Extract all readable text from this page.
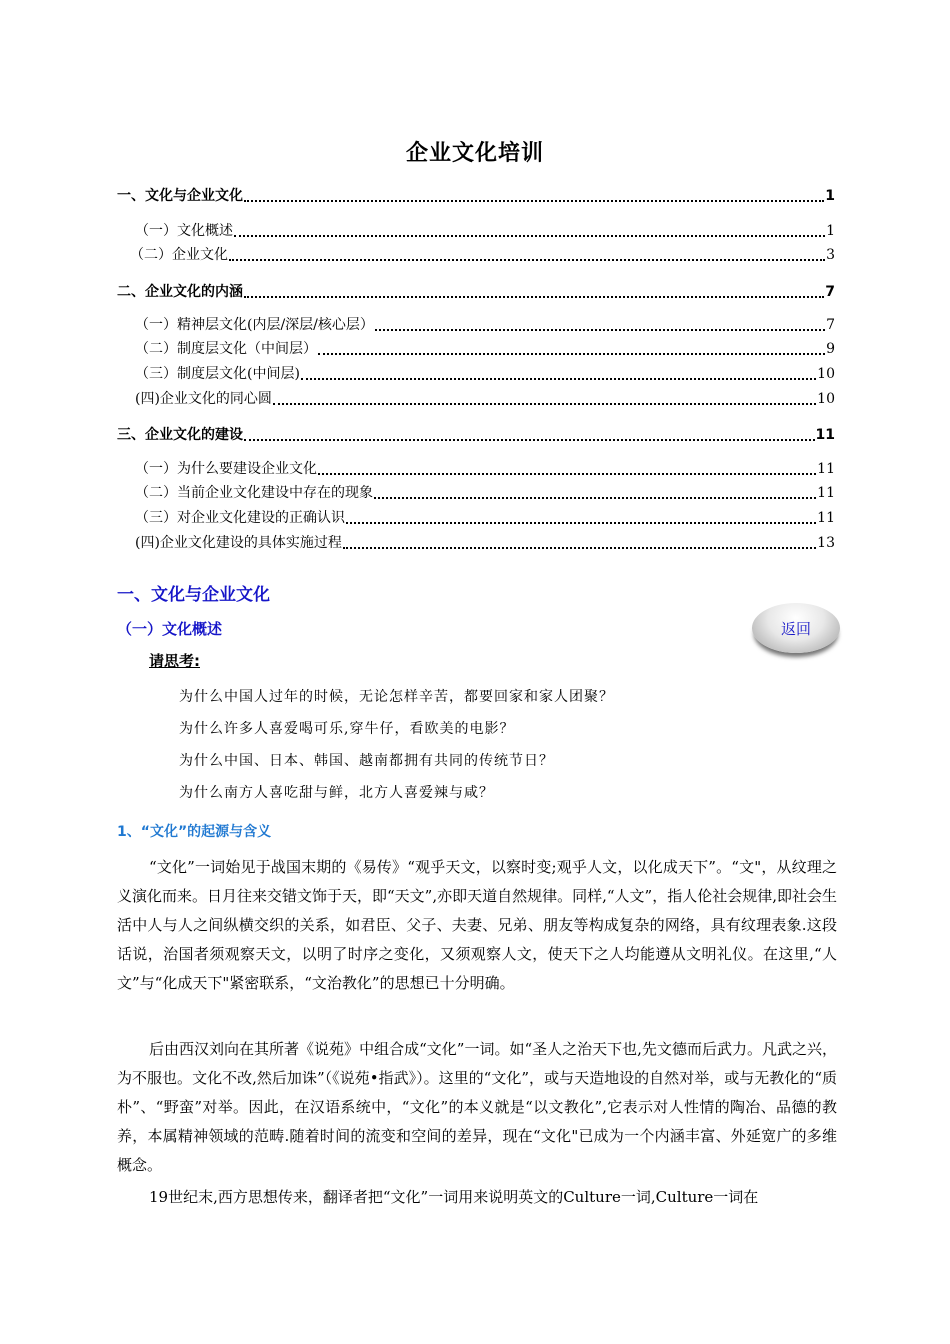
企业文化培训
一、文化与企业文化	1
（一）文化概述	1
（二）企业文化	3
二、企业文化的内涵	7
（一）精神层文化(内层/深层/核心层）	7
（二）制度层文化（中间层）	9
（三）制度层文化(中间层)	10
(四)企业文化的同心圆	10
三、企业文化的建设	11
（一）为什么要建设企业文化	11
（二）当前企业文化建设中存在的现象	11
（三）对企业文化建设的正确认识	11
(四)企业文化建设的具体实施过程	13
一、文化与企业文化
（一）文化概述	返回
请思考:
为什么中国人过年的时候，无论怎样辛苦，都要回家和家人团聚？
为什么许多人喜爱喝可乐,穿牛仔，看欧美的电影？
为什么中国、日本、韩国、越南都拥有共同的传统节日？
为什么南方人喜吃甜与鲜，北方人喜爱辣与咸？
1、“文化”的起源与含义

“文化”一词始见于战国末期的《易传》“观乎天文，以察时变;观乎人文，以化成天下”。“文"，从纹理之义演化而来。日月往来交错文饰于天，即“天文”,亦即天道自然规律。同样,“人文”，指人伦社会规律,即社会生活中人与人之间纵横交织的关系，如君臣、父子、夫妻、兄弟、朋友等构成复杂的网络，具有纹理表象.这段话说，治国者须观察天文，以明了时序之变化，又须观察人文，使天下之人均能遵从文明礼仪。在这里,“人文”与“化成天下"紧密联系，“文治教化”的思想已十分明确。

后由西汉刘向在其所著《说苑》中组合成“文化”一词。如“圣人之治天下也,先文德而后武力。凡武之兴，为不服也。文化不改,然后加诛”（《说苑•指武》）。这里的“文化”，或与天造地设的自然对举，或与无教化的“质朴”、“野蛮”对举。因此，在汉语系统中，“文化”的本义就是“以文教化”,它表示对人性情的陶冶、品德的教养，本属精神领域的范畴.随着时间的流变和空间的差异，现在“文化"已成为一个内涵丰富、外延宽广的多维概念。

19世纪末,西方思想传来，翻译者把“文化”一词用来说明英文的Culture一词,Culture一词在
